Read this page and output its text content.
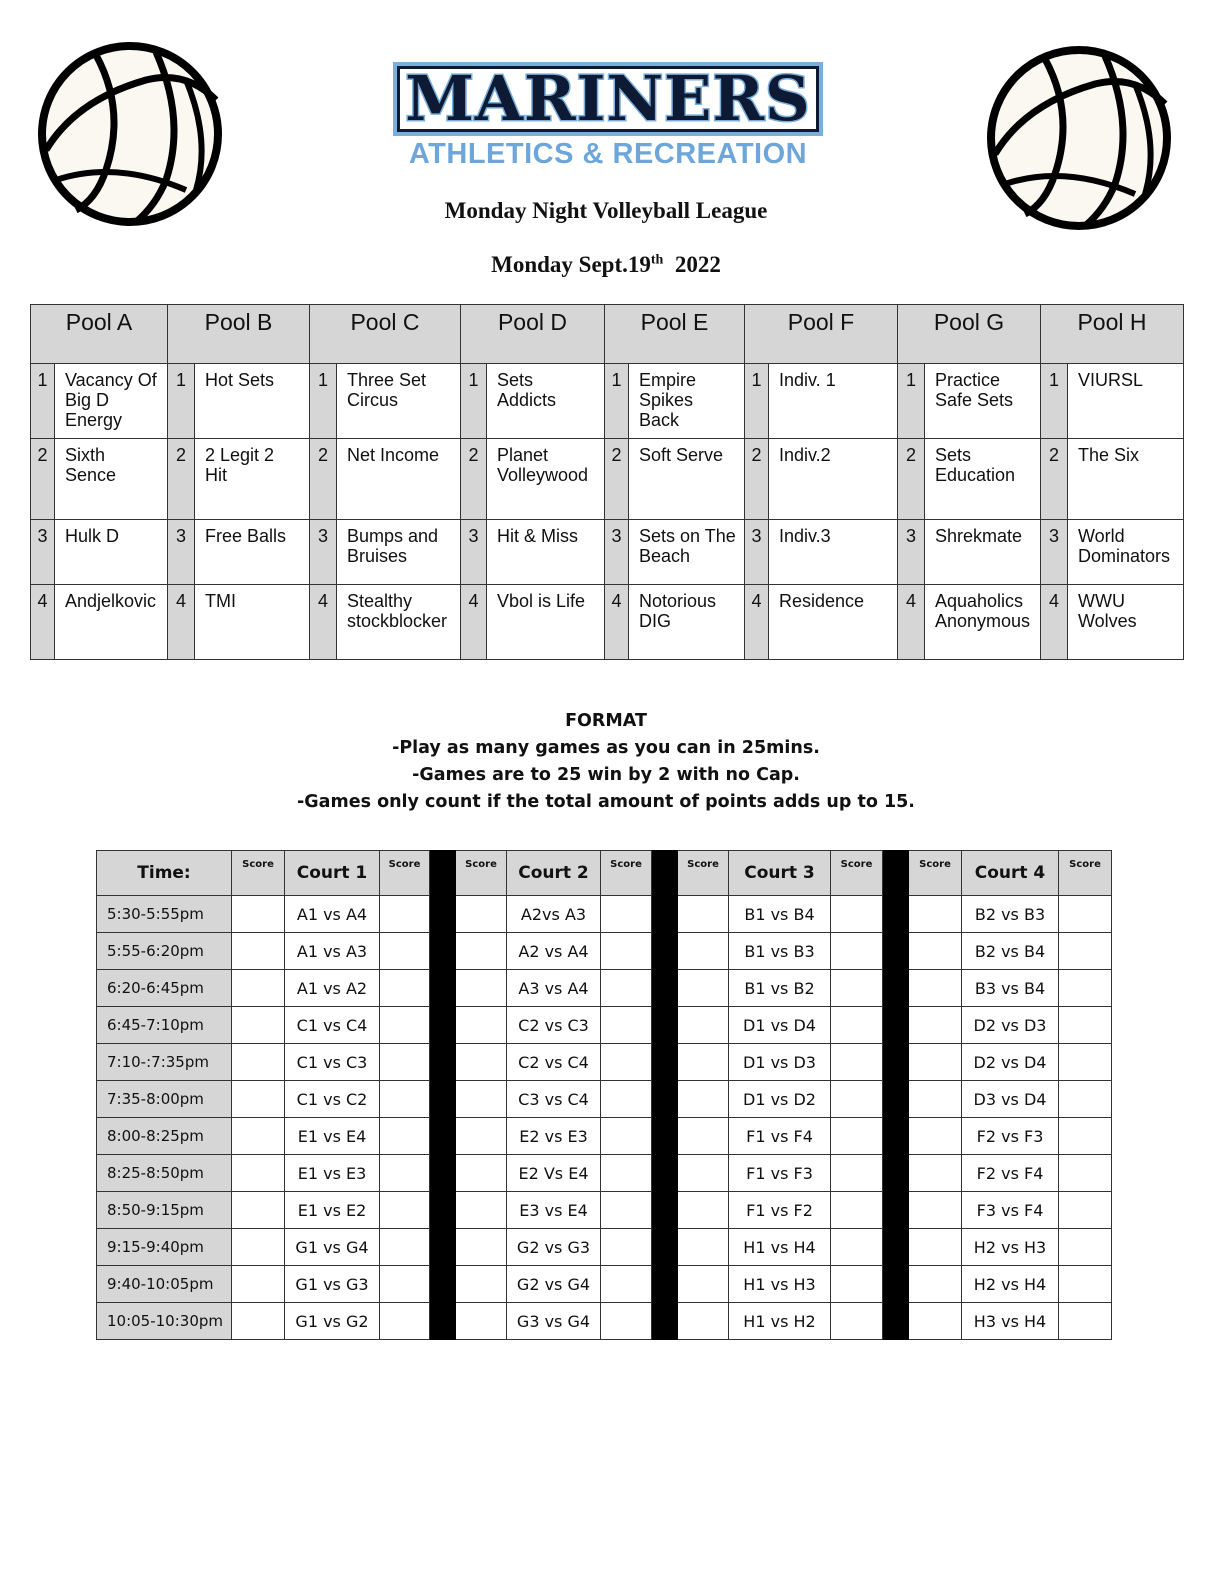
MARINERS
ATHLETICS & RECREATION
Monday Night Volleyball League
Monday Sept.19th 2022
Pool A		Pool B		Pool C		Pool D		Pool E		Pool F		Pool G		Pool H	
1	Vacancy Of Big D Energy	1	Hot Sets	1	Three Set Circus	1	Sets Addicts	1	Empire Spikes Back	1	Indiv. 1	1	Practice Safe Sets	1	VIURSL
2	Sixth Sence	2	2 Legit 2 Hit	2	Net Income	2	Planet Volleywood	2	Soft Serve	2	Indiv.2	2	Sets Education	2	The Six
3	Hulk D	3	Free Balls	3	Bumps and Bruises	3	Hit & Miss	3	Sets on The Beach	3	Indiv.3	3	Shrekmate	3	World Dominators
4	Andjelkovic	4	TMI	4	Stealthy stockblocker	4	Vbol is Life	4	Notorious DIG	4	Residence	4	Aquaholics Anonymous	4	WWU Wolves
FORMAT
-Play as many games as you can in 25mins.
-Games are to 25 win by 2 with no Cap.
-Games only count if the total amount of points adds up to 15.
Time:	Score	Court 1	Score		Score	Court 2	Score		Score	Court 3	Score		Score	Court 4	Score
5:30-5:55pm		A1 vs A4				A2vs A3				B1 vs B4				B2 vs B3	
5:55-6:20pm		A1 vs A3				A2 vs A4				B1 vs B3				B2 vs B4	
6:20-6:45pm		A1 vs A2				A3 vs A4				B1 vs B2				B3 vs B4	
6:45-7:10pm		C1 vs C4				C2 vs C3				D1 vs D4				D2 vs D3	
7:10-:7:35pm		C1 vs C3				C2 vs C4				D1 vs D3				D2 vs D4	
7:35-8:00pm		C1 vs C2				C3 vs C4				D1 vs D2				D3 vs D4	
8:00-8:25pm		E1 vs E4				E2 vs E3				F1 vs F4				F2 vs F3	
8:25-8:50pm		E1 vs E3				E2 Vs E4				F1 vs F3				F2 vs F4	
8:50-9:15pm		E1 vs E2				E3 vs E4				F1 vs F2				F3 vs F4	
9:15-9:40pm		G1 vs G4				G2 vs G3				H1 vs H4				H2 vs H3	
9:40-10:05pm		G1 vs G3				G2 vs G4				H1 vs H3				H2 vs H4	
10:05-10:30pm		G1 vs G2				G3 vs G4				H1 vs H2				H3 vs H4	
